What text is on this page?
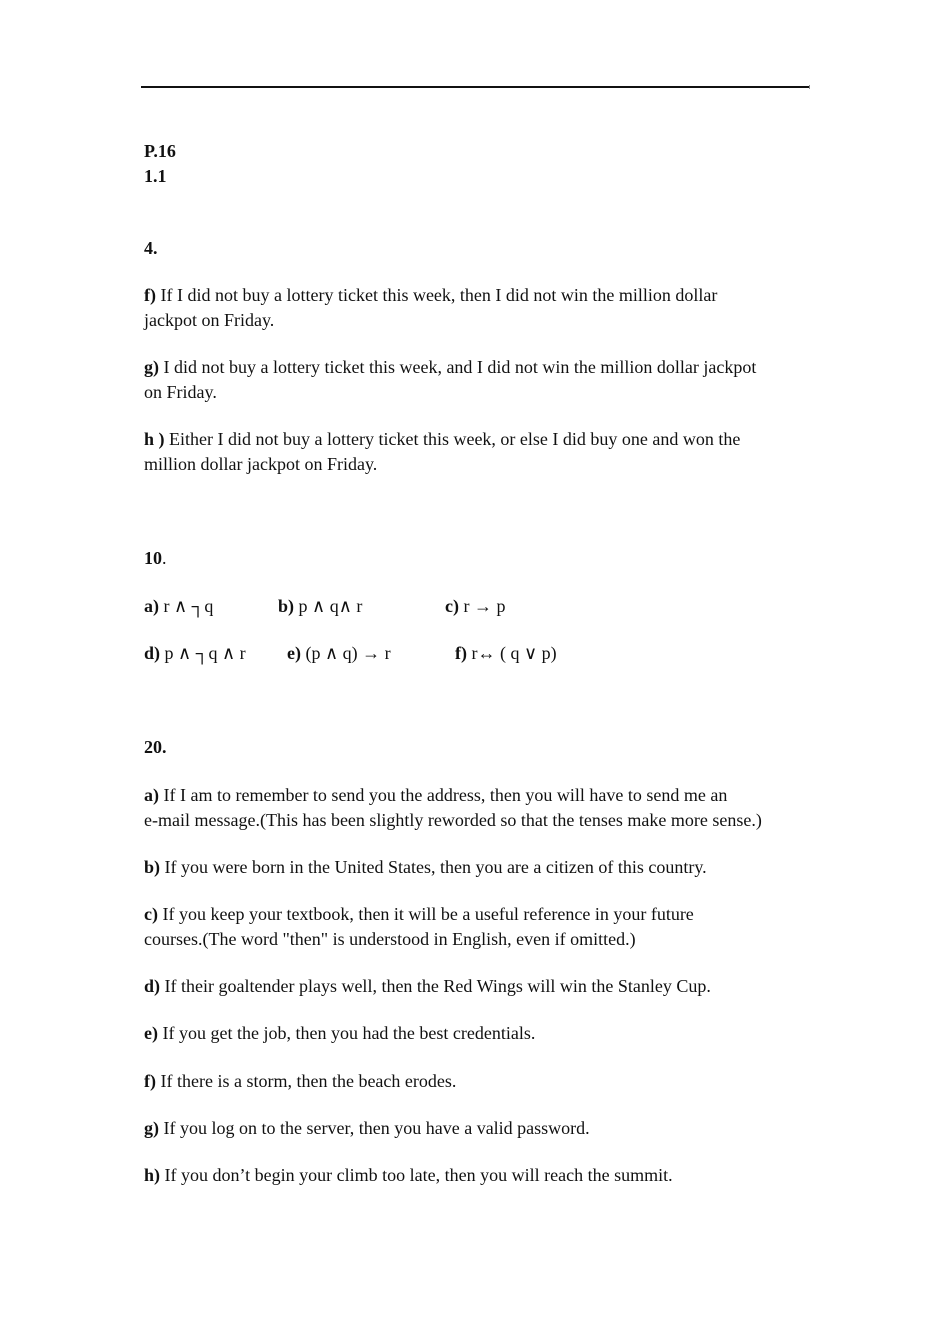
P.16
1.1
4.
f) If I did not buy a lottery ticket this week, then I did not win the million dollar
jackpot on Friday.
g) I did not buy a lottery ticket this week, and I did not win the million dollar jackpot
on Friday.
h ) Either I did not buy a lottery ticket this week, or else I did buy one and won the
million dollar jackpot on Friday.
10.
a) r ∧ ┐q	b) p ∧ q∧ r	c) r → p
d) p ∧ ┐q ∧ r e) (p ∧ q) → r	f) r↔ ( q ∨ p)
20.
a) If I am to remember to send you the address, then you will have to send me an
e-mail message.(This has been slightly reworded so that the tenses make more sense.)
b) If you were born in the United States, then you are a citizen of this country.
c) If you keep your textbook, then it will be a useful reference in your future
courses.(The word "then" is understood in English, even if omitted.)
d) If their goaltender plays well, then the Red Wings will win the Stanley Cup.
e) If you get the job, then you had the best credentials.
f) If there is a storm, then the beach erodes.
g) If you log on to the server, then you have a valid password.
h) If you don’t begin your climb too late, then you will reach the summit.
